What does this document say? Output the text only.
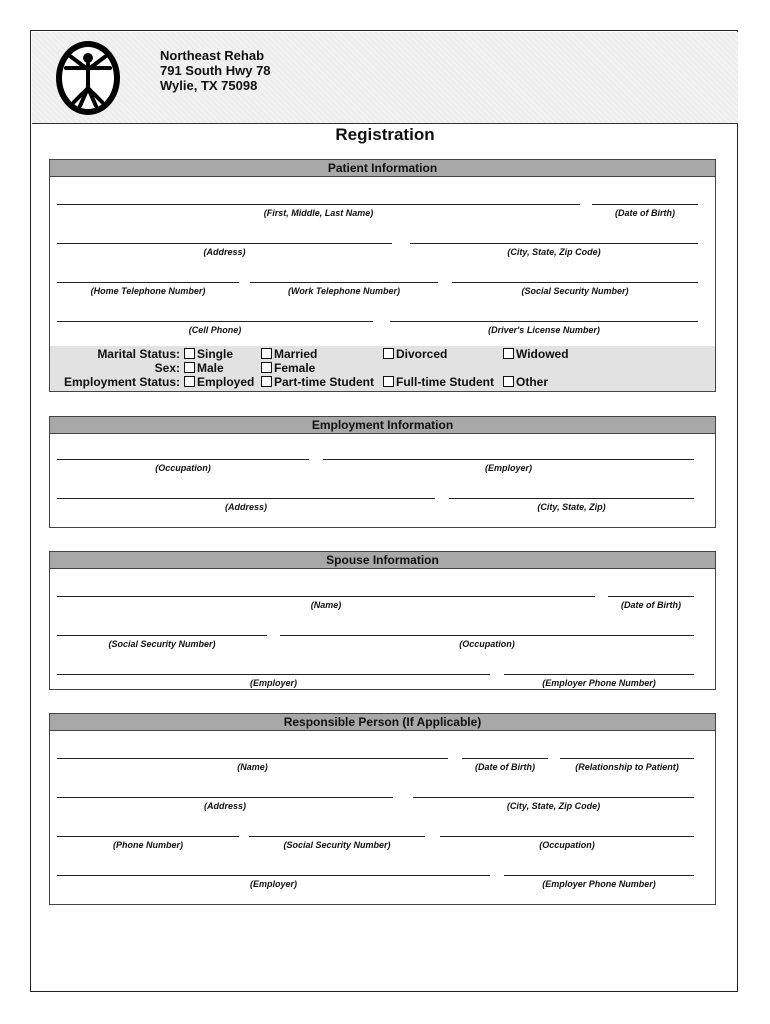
Northeast Rehab
791 South Hwy 78
Wylie, TX 75098
Registration
Patient Information
(First, Middle, Last Name)	(Date of Birth)
(Address)	(City, State, Zip Code)
(Home Telephone Number)	(Work Telephone Number)	(Social Security Number)
(Cell Phone)	(Driver's License Number)
Marital Status:	Single	Married	Divorced	Widowed
Sex:	Male	Female
Employment Status:	Employed	Part-time Student	Full-time Student	Other
Employment Information
(Occupation)	(Employer)
(Address)	(City, State, Zip)
Spouse Information
(Name)	(Date of Birth)
(Social Security Number)	(Occupation)
(Employer)	(Employer Phone Number)
Responsible Person (If Applicable)
(Name)	(Date of Birth)	(Relationship to Patient)
(Address)	(City, State, Zip Code)
(Phone Number)	(Social Security Number)	(Occupation)
(Employer)	(Employer Phone Number)
